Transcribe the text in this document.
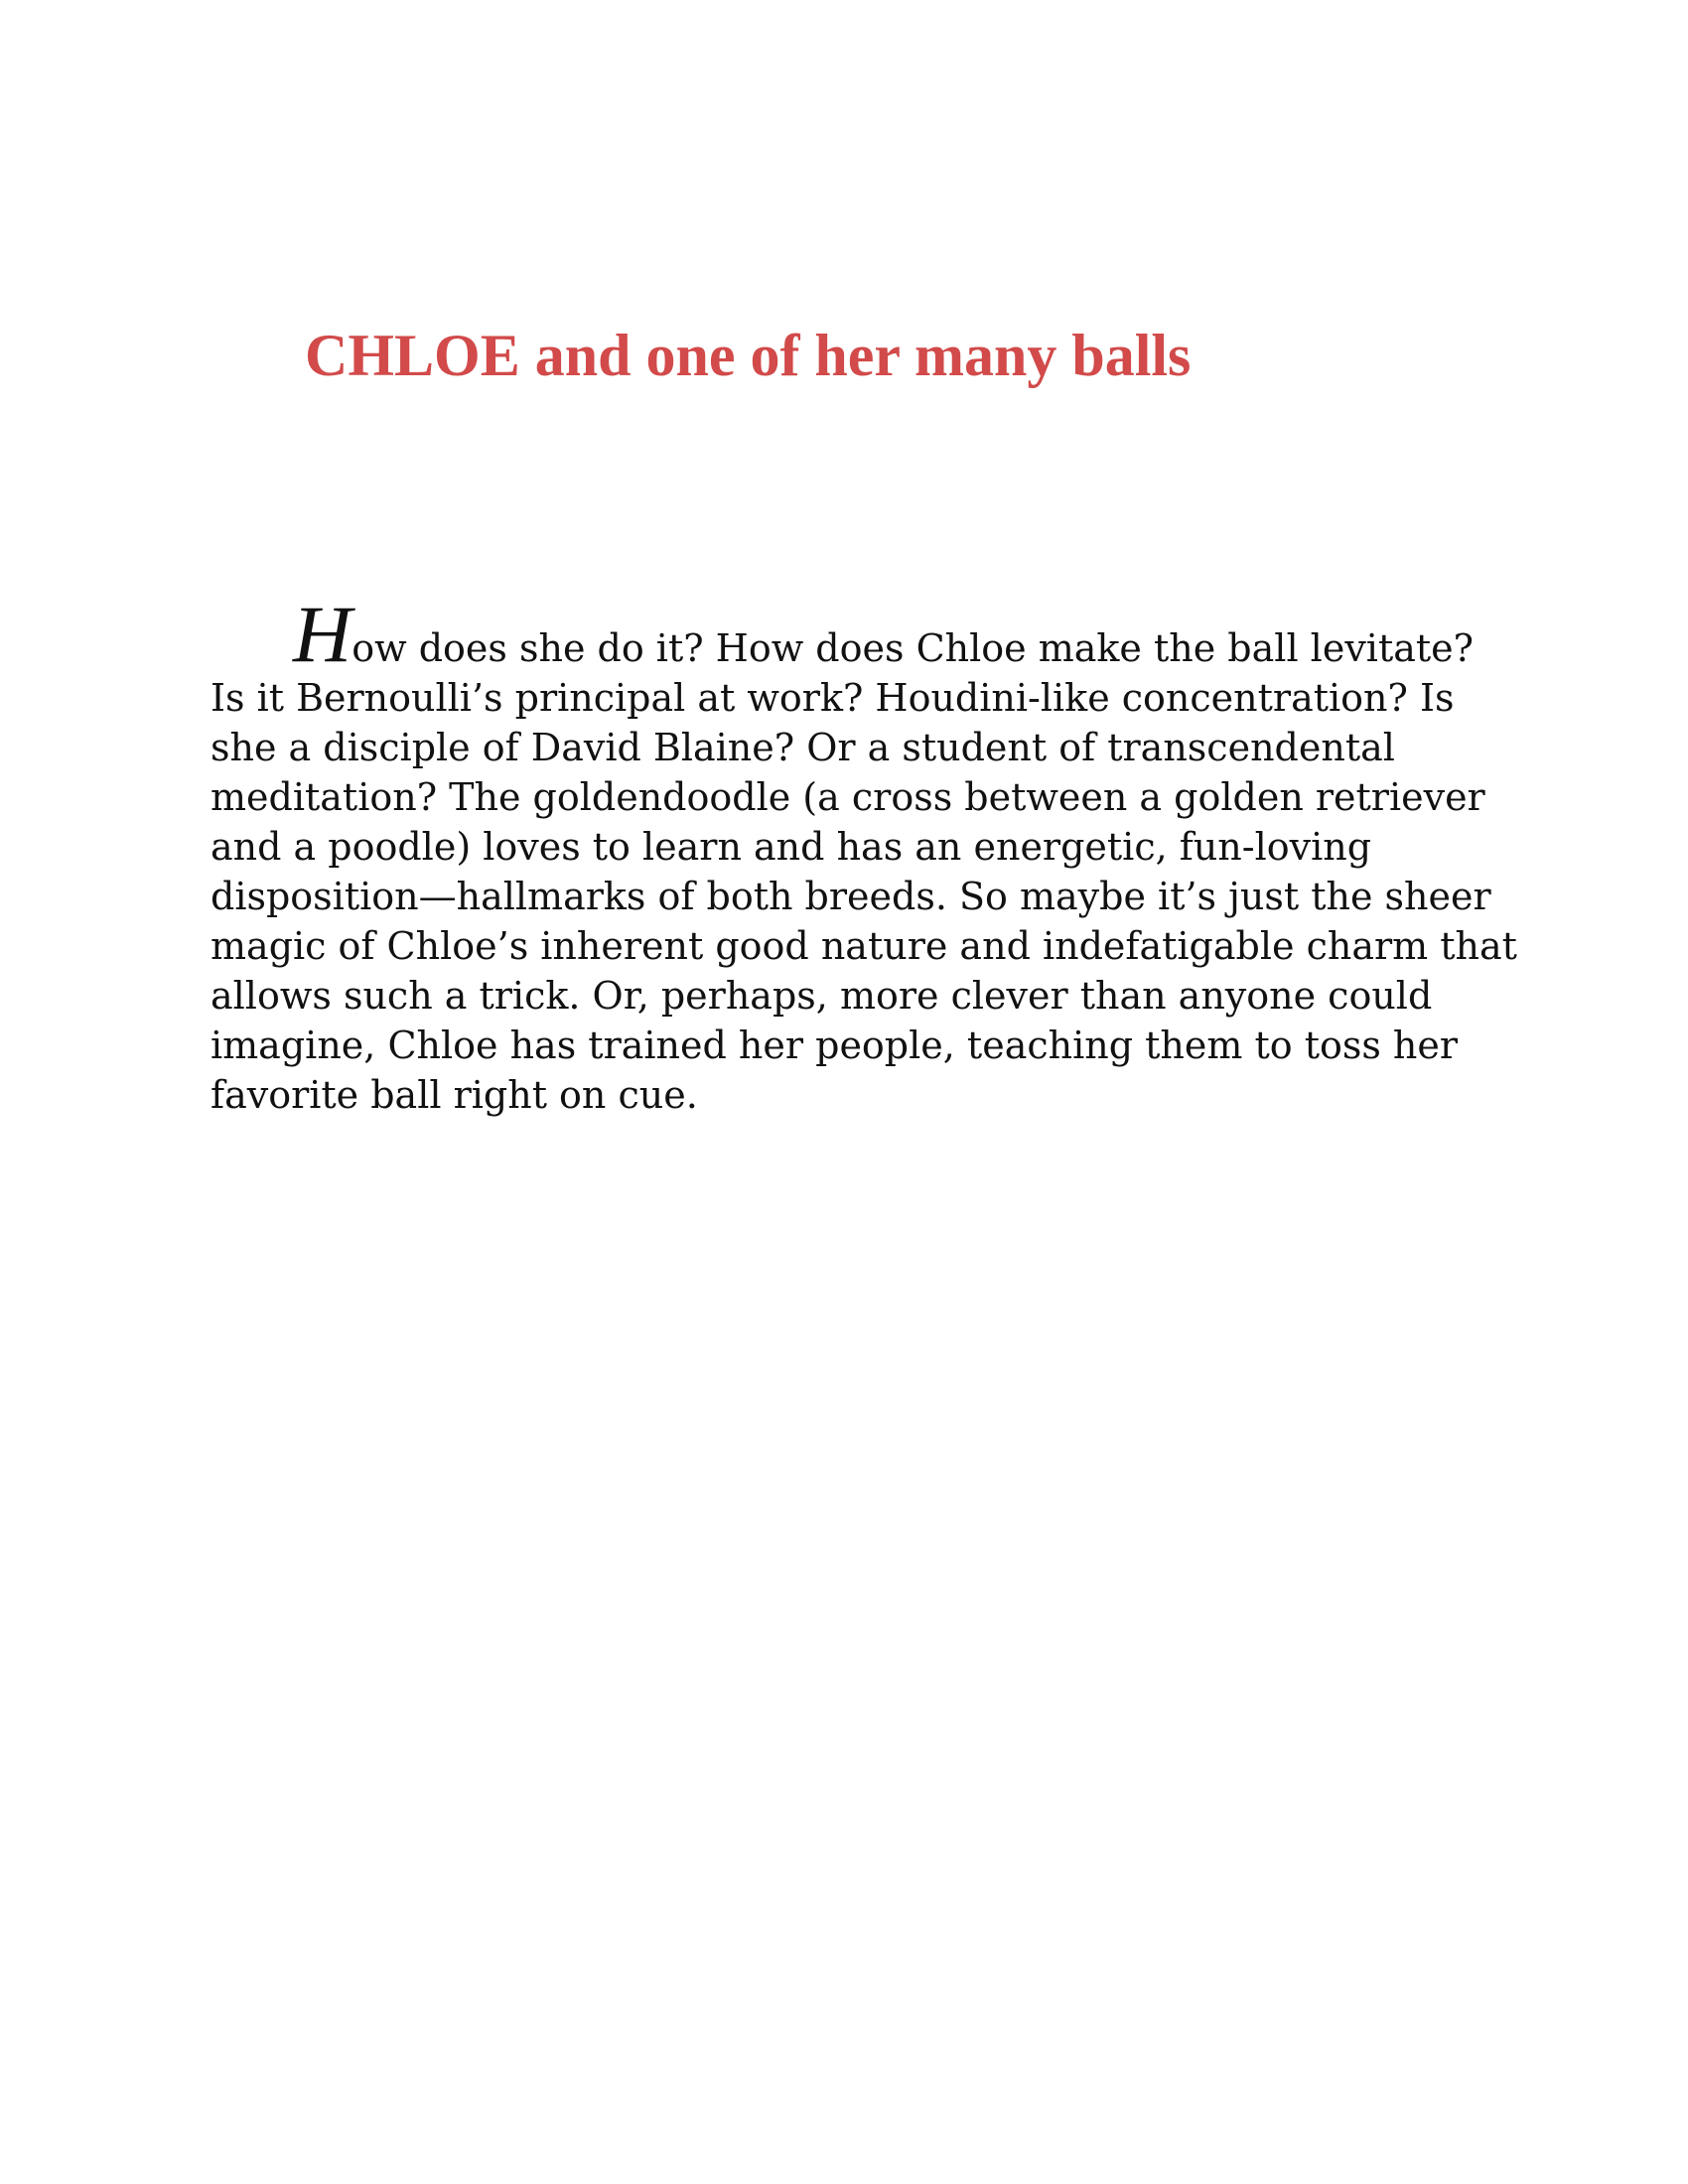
CHLOE and one of her many balls
How does she do it? How does Chloe make the ball levitate?
Is it Bernoulli’s principal at work? Houdini-like concentration? Is
she a disciple of David Blaine? Or a student of transcendental
meditation? The goldendoodle (a cross between a golden retriever
and a poodle) loves to learn and has an energetic, fun-loving
disposition—hallmarks of both breeds. So maybe it’s just the sheer
magic of Chloe’s inherent good nature and indefatigable charm that
allows such a trick. Or, perhaps, more clever than anyone could
imagine, Chloe has trained her people, teaching them to toss her
favorite ball right on cue.
